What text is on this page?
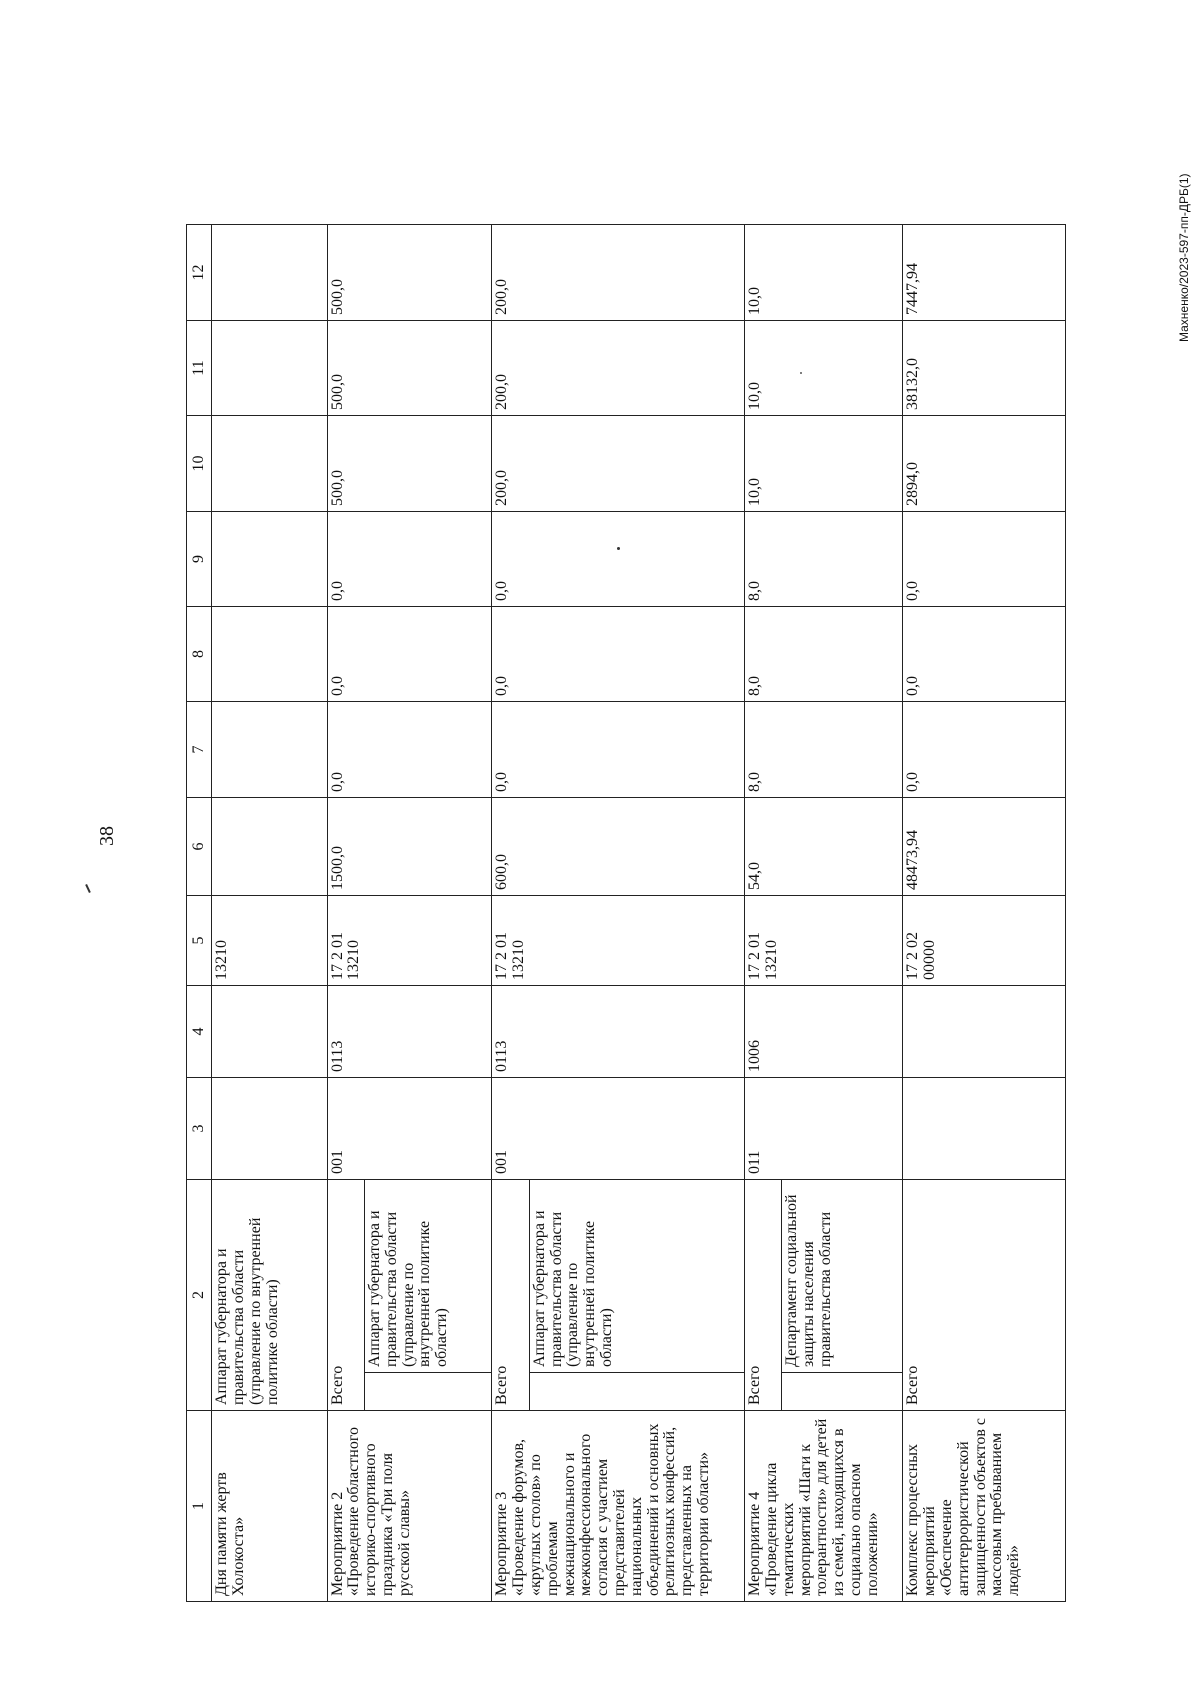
38
Махненко/2023-597-пп-ДРБ(1)
1	2		3	4	5	6	7	8	9	10	11	12
Дня памяти жертв Холокоста»	Аппарат губернатора и правительства области (управление по внутренней политике области)				13210							
Мероприятие 2 «Проведение областного историко-спортивного праздника «Три поля русской славы»	Всего		001	0113	17 2 01 13210	1500,0	0,0	0,0	0,0	500,0	500,0	500,0
		Аппарат губернатора и правительства области (управление по внутренней политике области)										
Мероприятие 3 «Проведение форумов, «круглых столов» по проблемам межнационального и межконфессионального согласия с участием представителей национальных объединений и основных религиозных конфессий, представленных на территории области»	Всего		001	0113	17 2 01 13210	600,0	0,0	0,0	0,0	200,0	200,0	200,0
		Аппарат губернатора и правительства области (управление по внутренней политике области)										
Мероприятие 4 «Проведение цикла тематических мероприятий «Шаги к толерантности» для детей из семей, находящихся в социально опасном положении»	Всего		011	1006	17 2 01 13210	54,0	8,0	8,0	8,0	10,0	10,0	10,0
		Департамент социальной защиты населения правительства области										
Комплекс процессных мероприятий «Обеспечение антитеррористической защищенности объектов с массовым пребыванием людей»	Всего				17 2 02 00000	48473,94	0,0	0,0	0,0	2894,0	38132,0	7447,94
